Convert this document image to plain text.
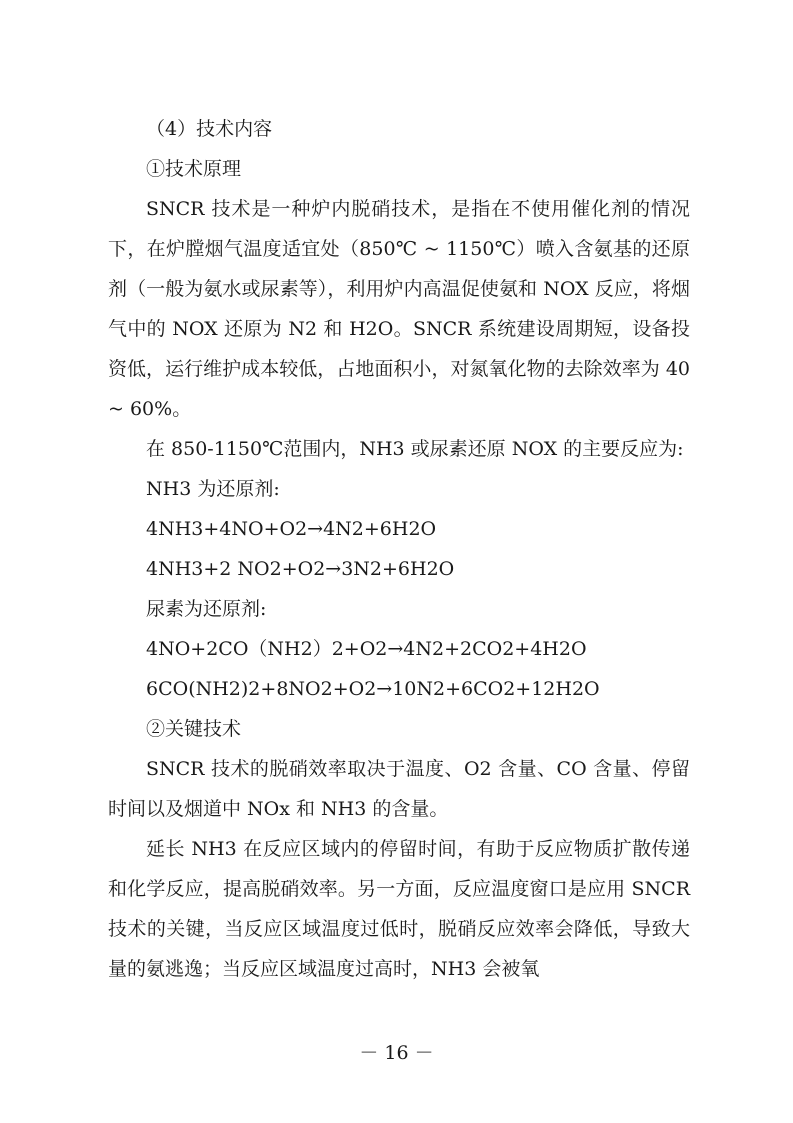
（4）技术内容

①技术原理

SNCR 技术是一种炉内脱硝技术，是指在不使用催化剂的情况下，在炉膛烟气温度适宜处（850℃ ~ 1150℃）喷入含氨基的还原剂（一般为氨水或尿素等），利用炉内高温促使氨和 NOX 反应，将烟气中的 NOX 还原为 N2 和 H2O。SNCR 系统建设周期短，设备投资低，运行维护成本较低，占地面积小，对氮氧化物的去除效率为 40 ~ 60%。

在 850-1150℃范围内，NH3 或尿素还原 NOX 的主要反应为:

NH3 为还原剂:

4NH3+4NO+O2→4N2+6H2O

4NH3+2 NO2+O2→3N2+6H2O

尿素为还原剂:

4NO+2CO（NH2）2+O2→4N2+2CO2+4H2O

6CO(NH2)2+8NO2+O2→10N2+6CO2+12H2O

②关键技术

SNCR 技术的脱硝效率取决于温度、O2 含量、CO 含量、停留时间以及烟道中 NOx 和 NH3 的含量。

延长 NH3 在反应区域内的停留时间，有助于反应物质扩散传递和化学反应，提高脱硝效率。另一方面，反应温度窗口是应用 SNCR 技术的关键，当反应区域温度过低时，脱硝反应效率会降低，导致大量的氨逃逸；当反应区域温度过高时，NH3 会被氧

－ 16 －
